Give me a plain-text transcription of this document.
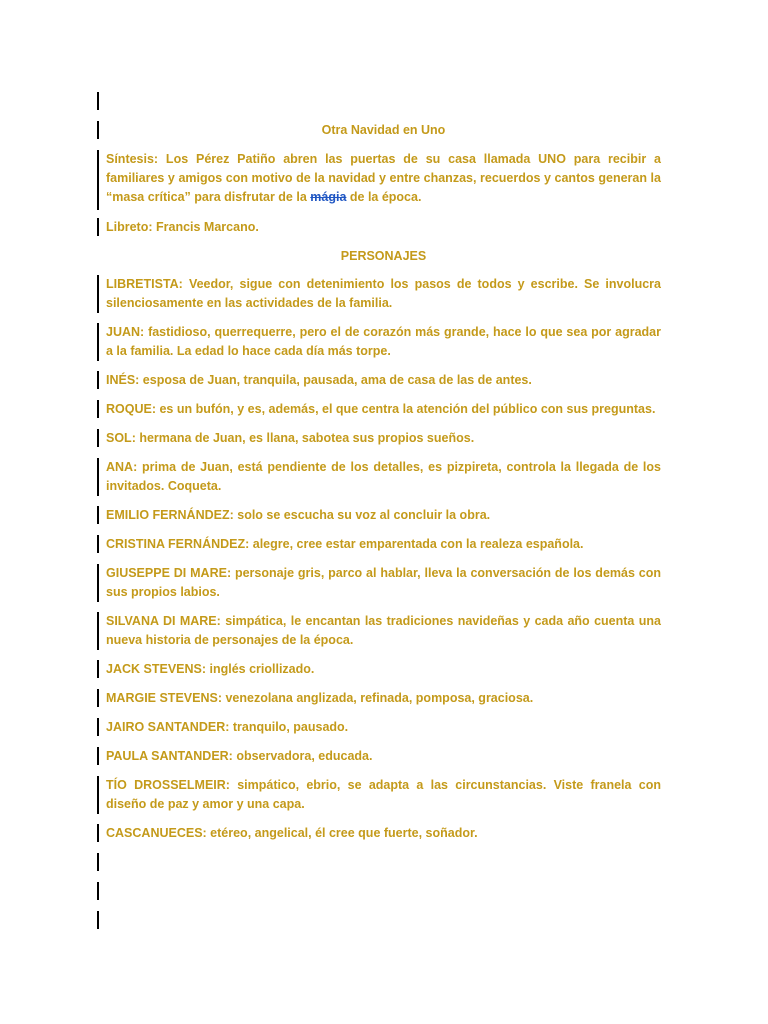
Otra Navidad en Uno
Síntesis: Los Pérez Patiño abren las puertas de su casa llamada UNO para recibir a familiares y amigos con motivo de la navidad y entre chanzas, recuerdos y cantos generan la “masa crítica” para disfrutar de la mágia de la época.
Libreto: Francis Marcano.
PERSONAJES
LIBRETISTA: Veedor, sigue con detenimiento los pasos de todos y escribe. Se involucra silenciosamente en las actividades de la familia.
JUAN: fastidioso, querrequerre, pero el de corazón más grande, hace lo que sea por agradar a la familia. La edad lo hace cada día más torpe.
INÉS: esposa de Juan, tranquila, pausada, ama de casa de las de antes.
ROQUE: es un bufón, y es, además, el que centra la atención del público con sus preguntas.
SOL: hermana de Juan, es llana, sabotea sus propios sueños.
ANA: prima de Juan, está pendiente de los detalles, es pizpireta, controla la llegada de los invitados. Coqueta.
EMILIO FERNÁNDEZ: solo se escucha su voz al concluir la obra.
CRISTINA FERNÁNDEZ: alegre, cree estar emparentada con la realeza española.
GIUSEPPE DI MARE: personaje gris, parco al hablar, lleva la conversación de los demás con sus propios labios.
SILVANA DI MARE: simpática, le encantan las tradiciones navideñas y cada año cuenta una nueva historia de personajes de la época.
JACK STEVENS: inglés criollizado.
MARGIE STEVENS: venezolana anglizada, refinada, pomposa, graciosa.
JAIRO SANTANDER: tranquilo, pausado.
PAULA SANTANDER: observadora, educada.
TÍO DROSSELMEIR: simpático, ebrio, se adapta a las circunstancias. Viste franela con diseño de paz y amor y una capa.
CASCANUECES: etéreo, angelical, él cree que fuerte, soñador.
